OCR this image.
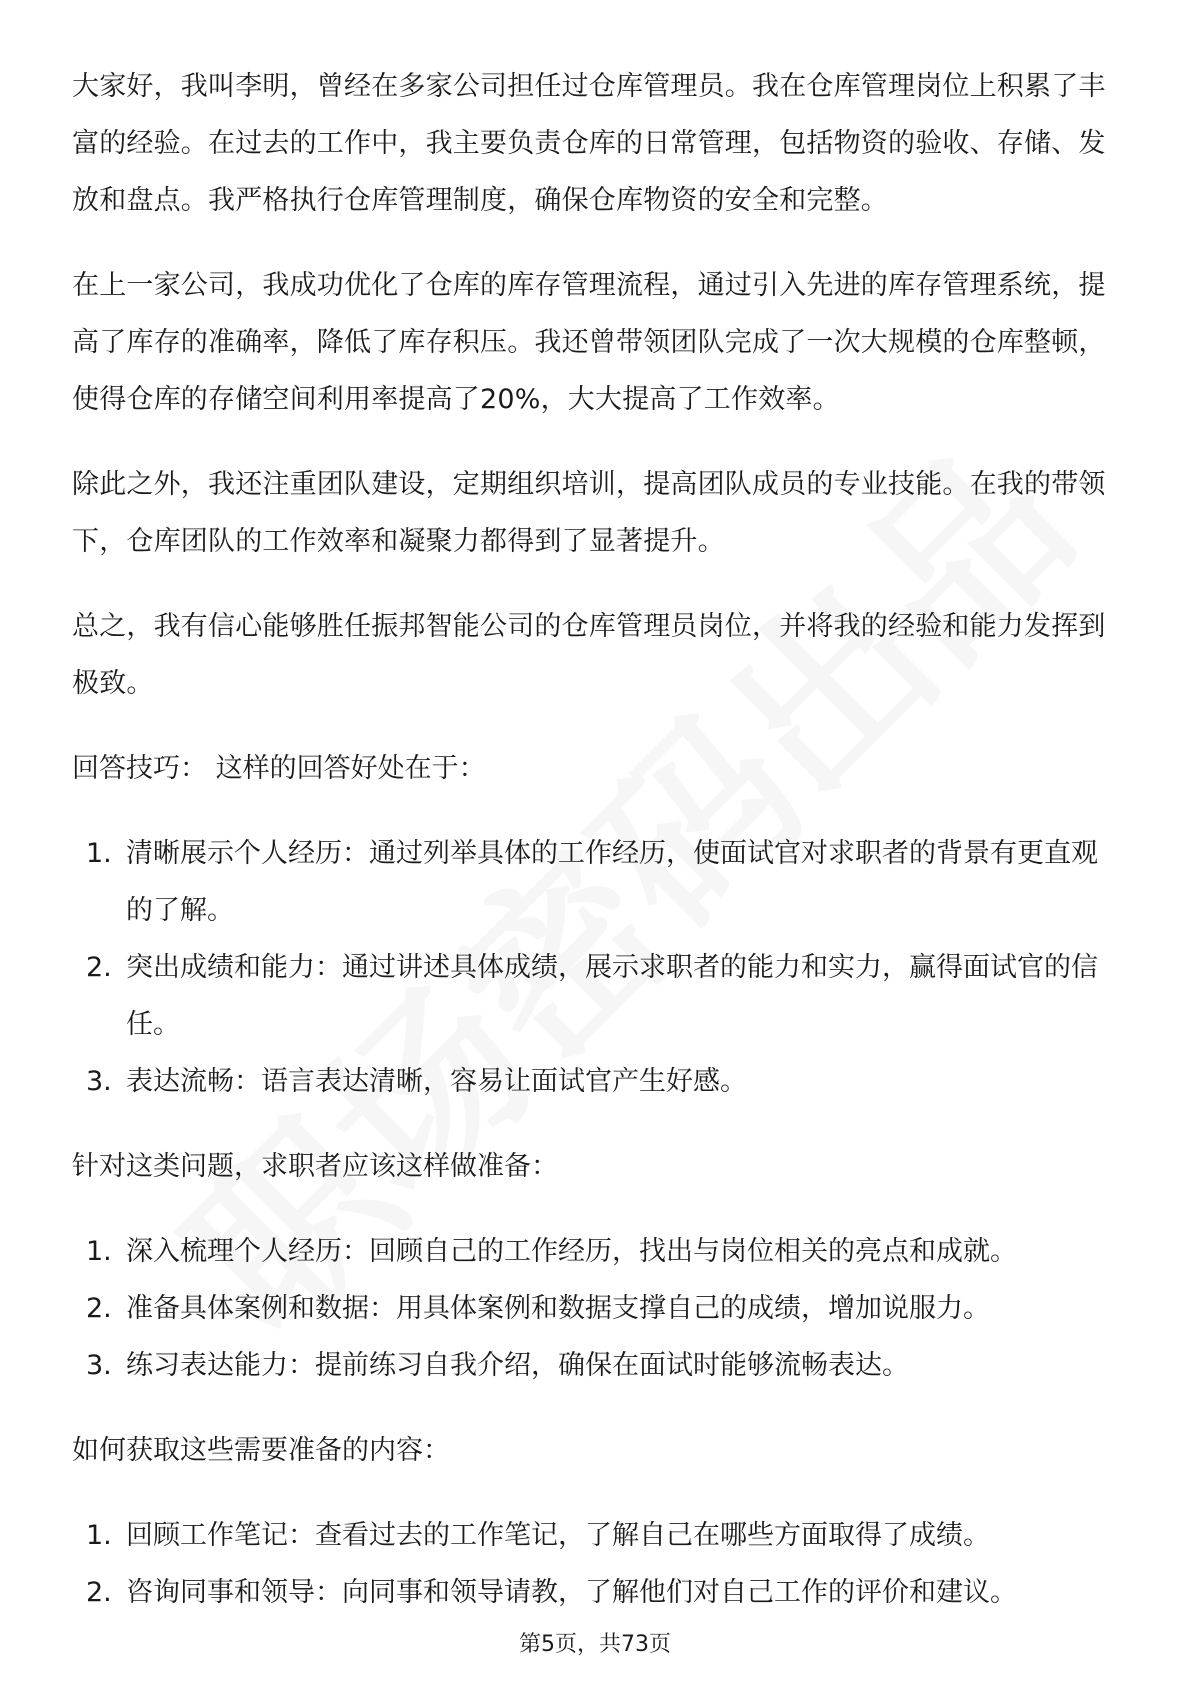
大家好，我叫李明，曾经在多家公司担任过仓库管理员。我在仓库管理岗位上积累了丰富的经验。在过去的工作中，我主要负责仓库的日常管理，包括物资的验收、存储、发放和盘点。我严格执行仓库管理制度，确保仓库物资的安全和完整。

在上一家公司，我成功优化了仓库的库存管理流程，通过引入先进的库存管理系统，提高了库存的准确率，降低了库存积压。我还曾带领团队完成了一次大规模的仓库整顿，使得仓库的存储空间利用率提高了20%，大大提高了工作效率。

除此之外，我还注重团队建设，定期组织培训，提高团队成员的专业技能。在我的带领下，仓库团队的工作效率和凝聚力都得到了显著提升。

总之，我有信心能够胜任振邦智能公司的仓库管理员岗位，并将我的经验和能力发挥到极致。

回答技巧： 这样的回答好处在于：

1. 清晰展示个人经历：通过列举具体的工作经历，使面试官对求职者的背景有更直观的了解。
2. 突出成绩和能力：通过讲述具体成绩，展示求职者的能力和实力，赢得面试官的信任。
3. 表达流畅：语言表达清晰，容易让面试官产生好感。

针对这类问题，求职者应该这样做准备：

1. 深入梳理个人经历：回顾自己的工作经历，找出与岗位相关的亮点和成就。
2. 准备具体案例和数据：用具体案例和数据支撑自己的成绩，增加说服力。
3. 练习表达能力：提前练习自我介绍，确保在面试时能够流畅表达。

如何获取这些需要准备的内容：

1. 回顾工作笔记：查看过去的工作笔记，了解自己在哪些方面取得了成绩。
2. 咨询同事和领导：向同事和领导请教，了解他们对自己工作的评价和建议。
第5页，共73页
